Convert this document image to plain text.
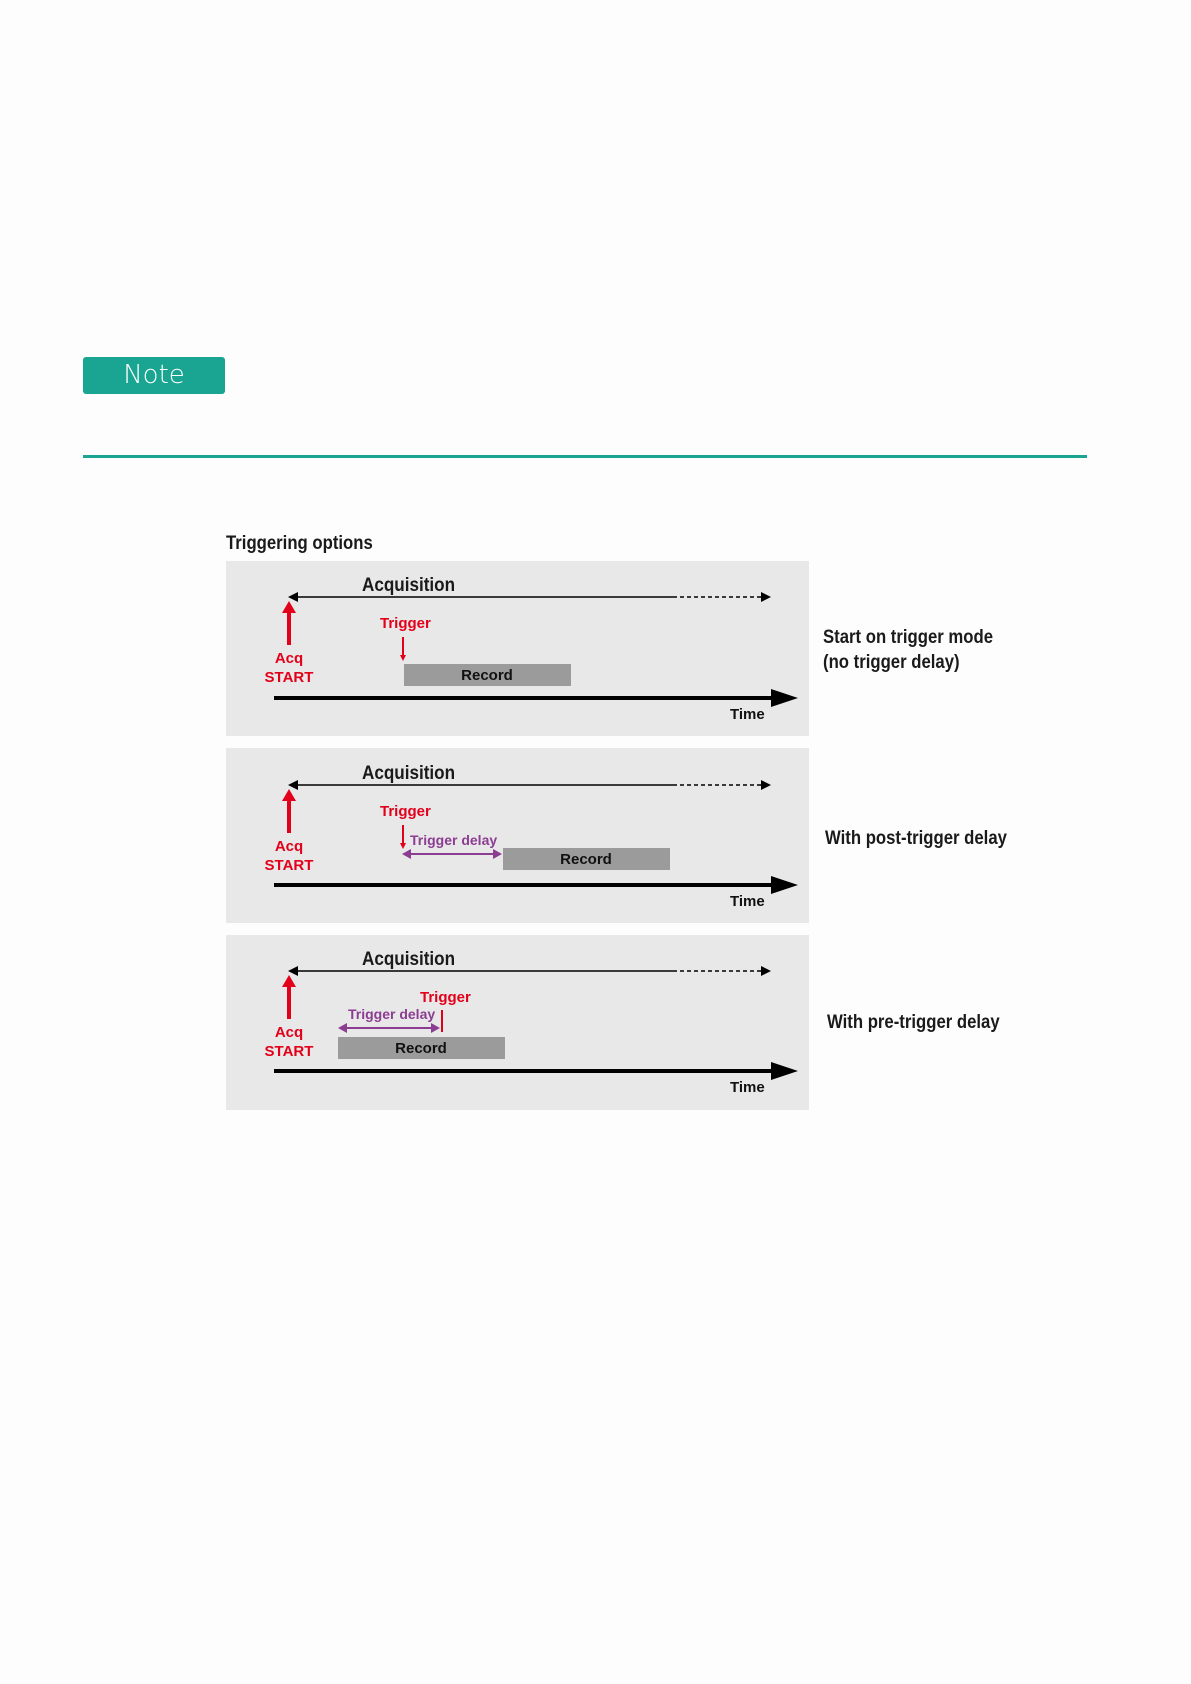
Note
Triggering options
Acquisition
Acq
START
Trigger
Record
Time
Start on trigger mode
(no trigger delay)
Acquisition
Acq
START
Trigger
Trigger delay
Record
Time
With post-trigger delay
Acquisition
Acq
START
Trigger
Trigger delay
Record
Time
With pre-trigger delay
